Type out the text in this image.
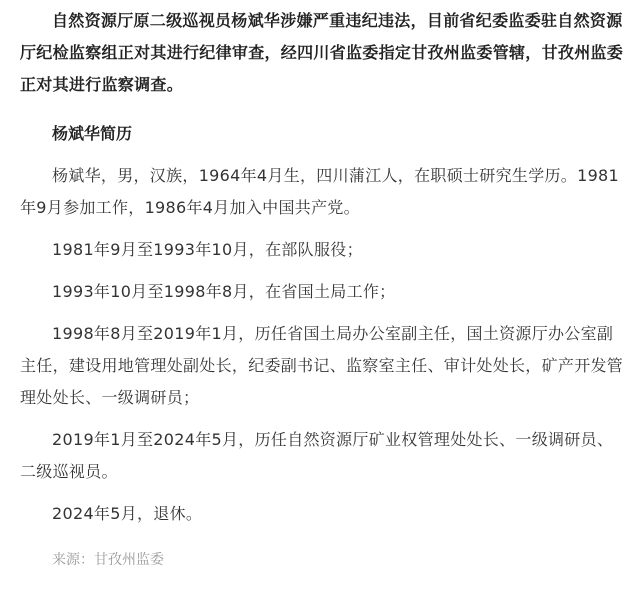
自然资源厅原二级巡视员杨斌华涉嫌严重违纪违法，目前省纪委监委驻自然资源厅纪检监察组正对其进行纪律审查，经四川省监委指定甘孜州监委管辖，甘孜州监委正对其进行监察调查。

杨斌华简历

杨斌华，男，汉族，1964年4月生，四川蒲江人，在职硕士研究生学历。1981年9月参加工作，1986年4月加入中国共产党。

1981年9月至1993年10月，在部队服役；

1993年10月至1998年8月，在省国土局工作；

1998年8月至2019年1月，历任省国土局办公室副主任，国土资源厅办公室副主任，建设用地管理处副处长，纪委副书记、监察室主任、审计处处长，矿产开发管理处处长、一级调研员；

2019年1月至2024年5月，历任自然资源厅矿业权管理处处长、一级调研员、二级巡视员。

2024年5月，退休。

来源：甘孜州监委
